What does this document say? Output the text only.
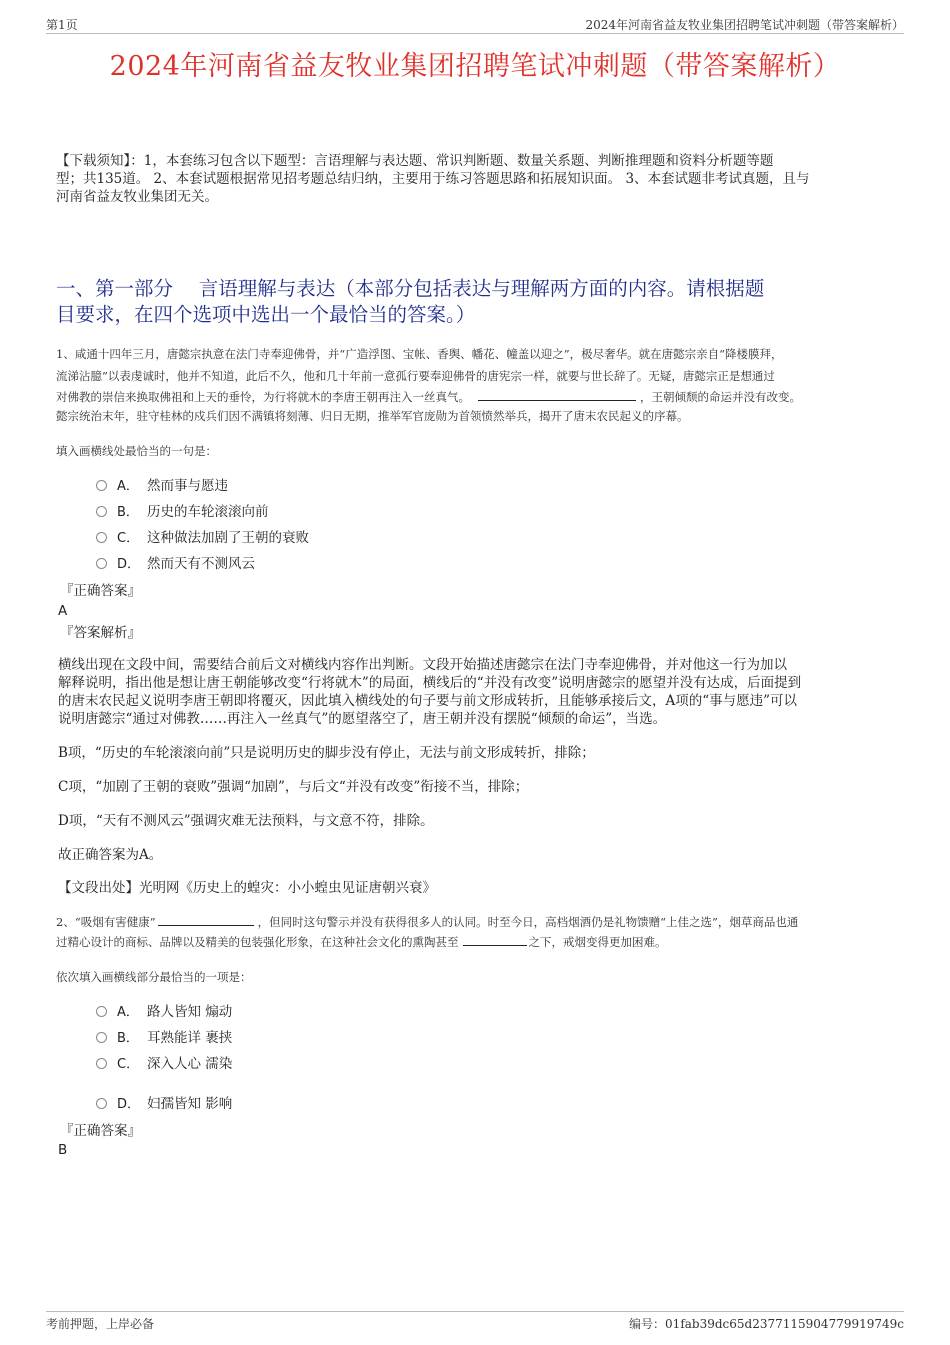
第1页	2024年河南省益友牧业集团招聘笔试冲刺题（带答案解析）
2024年河南省益友牧业集团招聘笔试冲刺题（带答案解析）
【下载须知】：1，本套练习包含以下题型：言语理解与表达题、常识判断题、数量关系题、判断推理题和资料分析题等题
型；共135道。 2、本套试题根据常见招考题总结归纳，主要用于练习答题思路和拓展知识面。 3、本套试题非考试真题，且与
河南省益友牧业集团无关。
一、第一部分　 言语理解与表达（本部分包括表达与理解两方面的内容。请根据题
目要求，在四个选项中选出一个最恰当的答案。）
1、咸通十四年三月，唐懿宗执意在法门寺奉迎佛骨，并“广造浮图、宝帐、香舆、幡花、幢盖以迎之”，极尽奢华。就在唐懿宗亲自“降楼膜拜，
流涕沾臆”以表虔诚时，他并不知道，此后不久，他和几十年前一意孤行要奉迎佛骨的唐宪宗一样，就要与世长辞了。无疑，唐懿宗正是想通过
对佛教的崇信来换取佛祖和上天的垂怜，为行将就木的李唐王朝再注入一丝真气。	，王朝倾颓的命运并没有改变。
懿宗统治末年，驻守桂林的戍兵们因不满镇将刻薄、归日无期，推举军官庞勋为首领愤然举兵，揭开了唐末农民起义的序幕。
填入画横线处最恰当的一句是：
A． 然而事与愿违
B． 历史的车轮滚滚向前
C． 这种做法加剧了王朝的衰败
D． 然而天有不测风云
『正确答案』
A
『答案解析』
横线出现在文段中间，需要结合前后文对横线内容作出判断。文段开始描述唐懿宗在法门寺奉迎佛骨，并对他这一行为加以
解释说明，指出他是想让唐王朝能够改变“行将就木”的局面，横线后的“并没有改变”说明唐懿宗的愿望并没有达成，后面提到
的唐末农民起义说明李唐王朝即将覆灭，因此填入横线处的句子要与前文形成转折，且能够承接后文，A项的“事与愿违”可以
说明唐懿宗“通过对佛教……再注入一丝真气”的愿望落空了，唐王朝并没有摆脱“倾颓的命运”，当选。
B项，“历史的车轮滚滚向前”只是说明历史的脚步没有停止，无法与前文形成转折，排除；
C项，“加剧了王朝的衰败”强调“加剧”，与后文“并没有改变”衔接不当，排除；
D项，“天有不测风云”强调灾难无法预料，与文意不符，排除。
故正确答案为A。
【文段出处】光明网《历史上的蝗灾：小小蝗虫见证唐朝兴衰》
2、“吸烟有害健康”	，但同时这句警示并没有获得很多人的认同。时至今日，高档烟酒仍是礼物馈赠“上佳之选”，烟草商品也通
过精心设计的商标、品牌以及精美的包装强化形象，在这种社会文化的熏陶甚至	之下，戒烟变得更加困难。
依次填入画横线部分最恰当的一项是：
A． 路人皆知 煽动
B． 耳熟能详 裹挟
C． 深入人心 濡染
D． 妇孺皆知 影响
『正确答案』
B
考前押题，上岸必备	编号：01fab39dc65d2377115904779919749c
